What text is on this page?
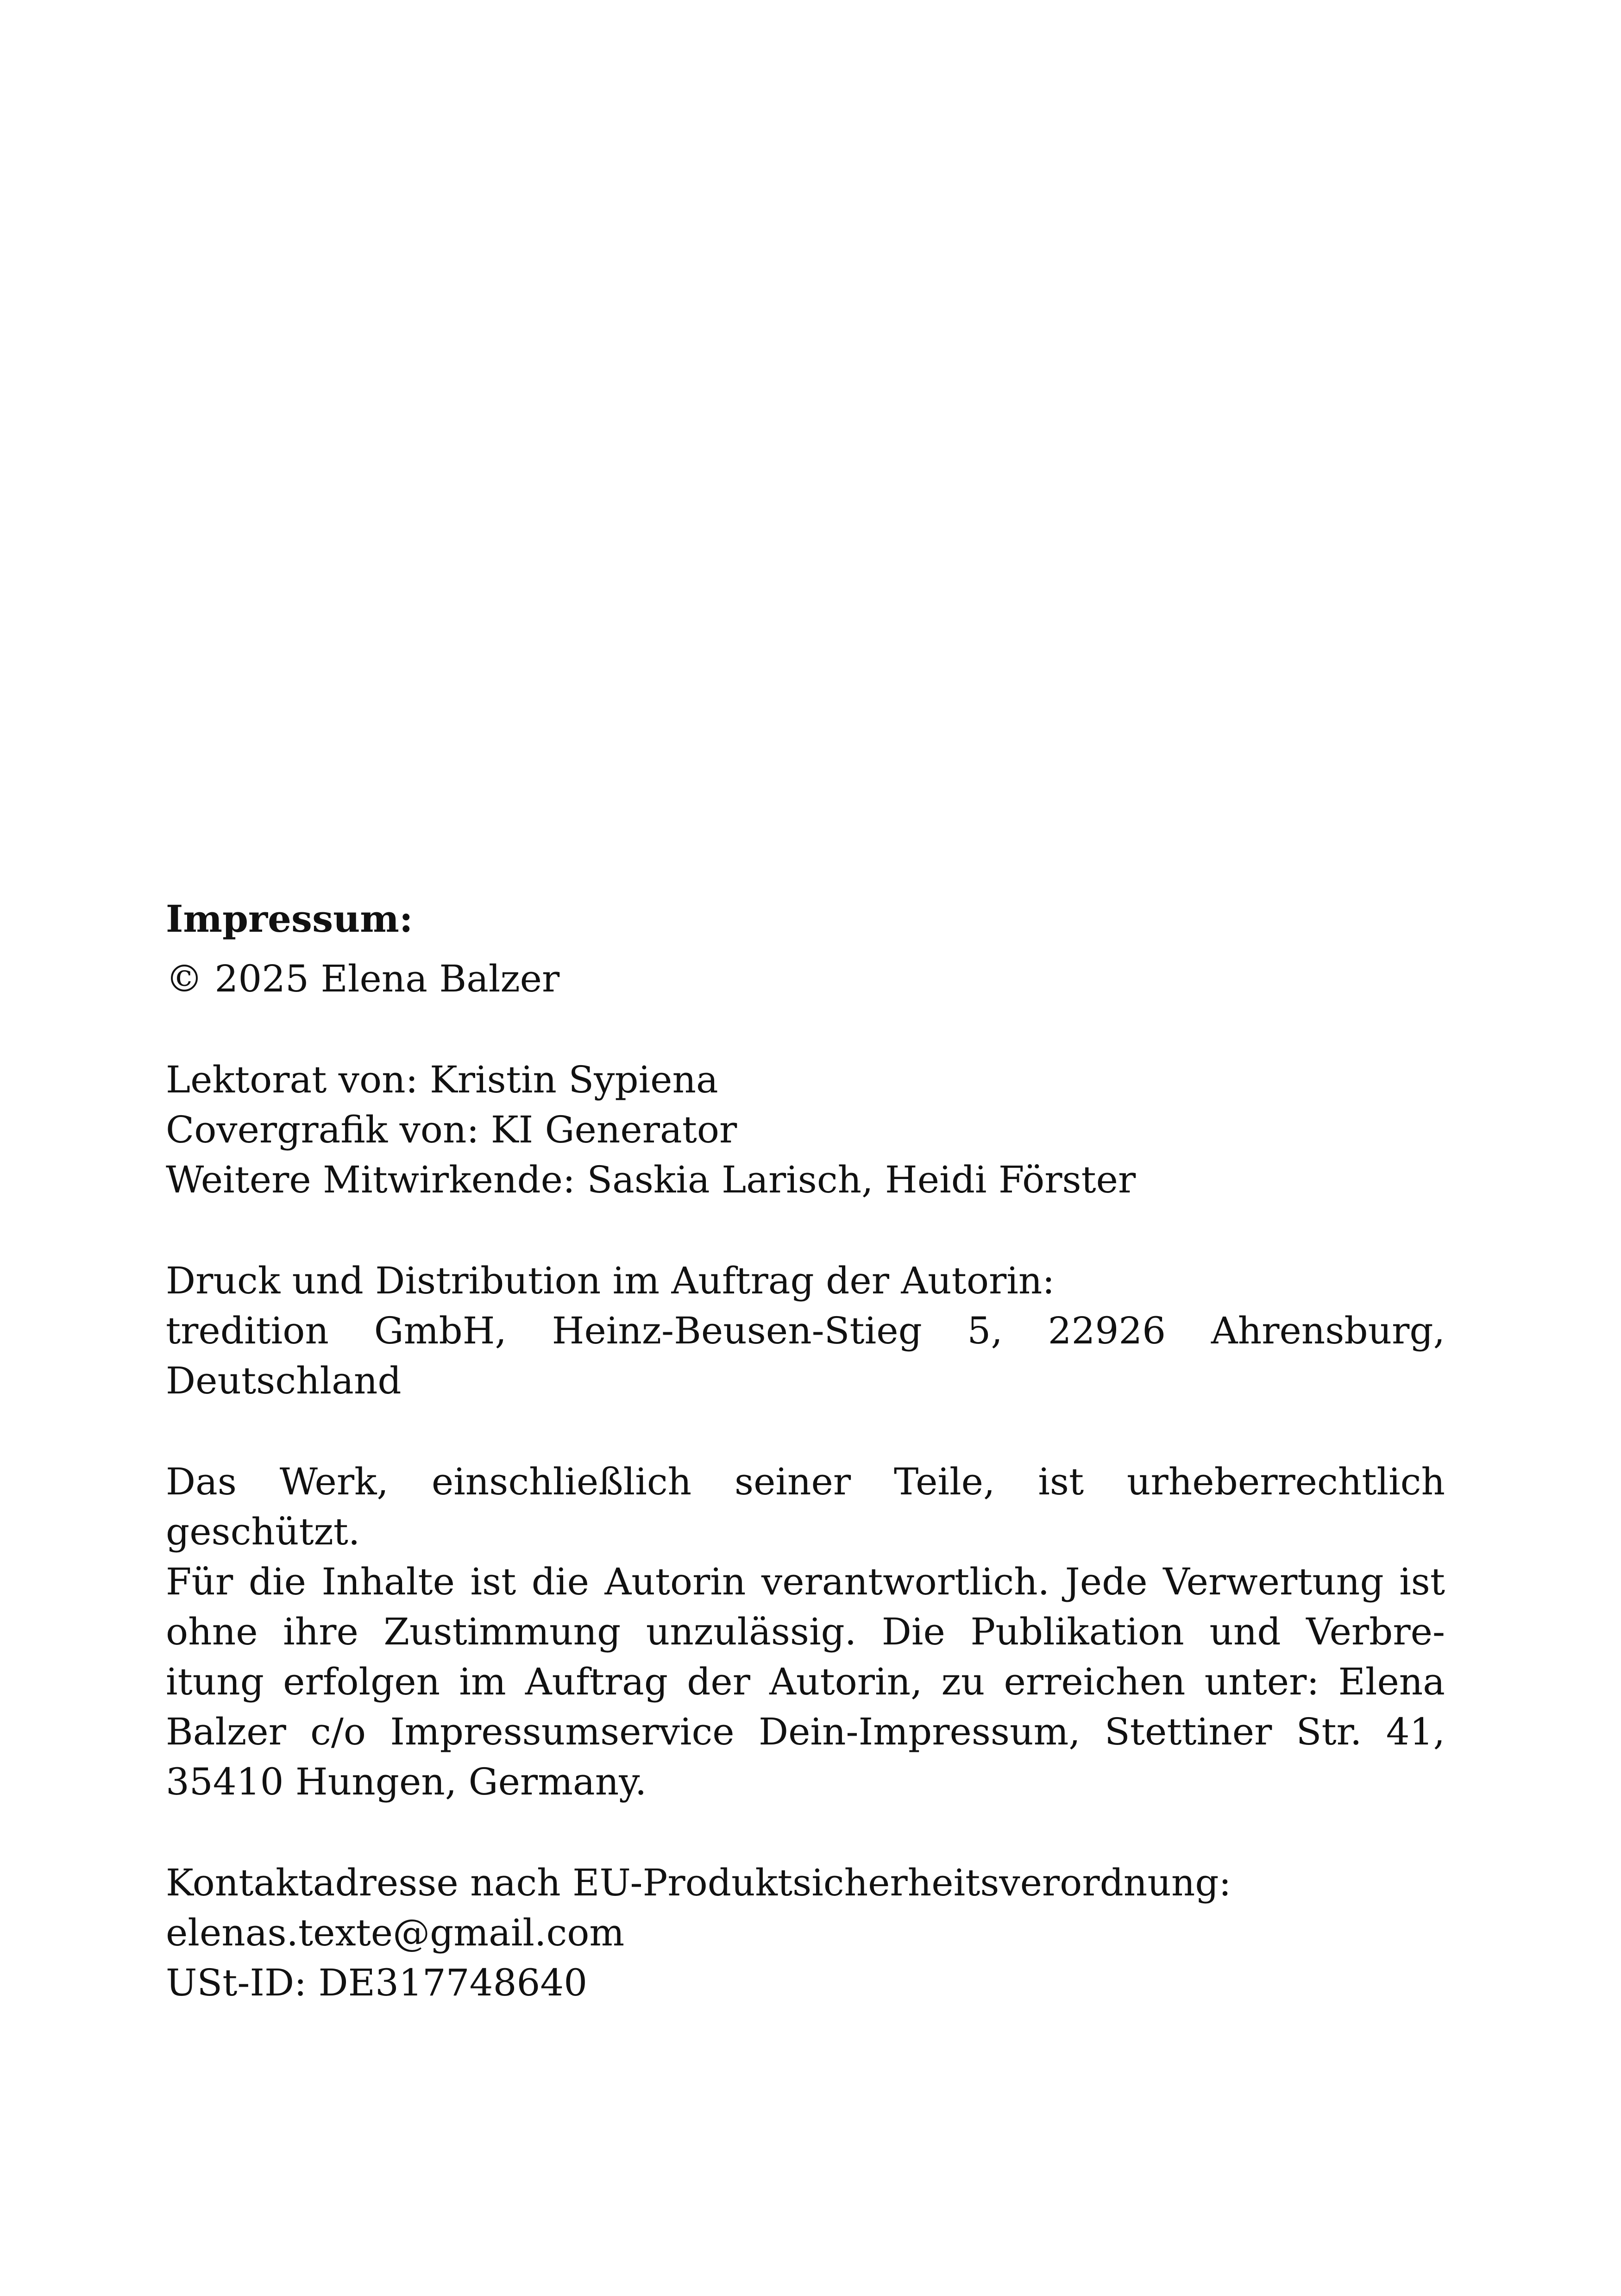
Impressum:

© 2025 Elena Balzer
Lektorat von: Kristin Sypiena
Covergrafik von: KI Generator
Weitere Mitwirkende: Saskia Larisch, Heidi Förster
Druck und Distribution im Auftrag der Autorin:
tredition GmbH, Heinz-Beusen-Stieg 5, 22926 Ahrensburg,
Deutschland
Das Werk, einschließlich seiner Teile, ist urheberrechtlich geschützt.
Für die Inhalte ist die Autorin verantwortlich. Jede Verwertung ist
ohne ihre Zustimmung unzulässig. Die Publikation und Verbre-
itung erfolgen im Auftrag der Autorin, zu erreichen unter: Elena
Balzer c/o Impressumservice Dein-Impressum, Stettiner Str. 41,
35410 Hungen, Germany.
Kontaktadresse nach EU-Produktsicherheitsverordnung:
elenas.texte@gmail.com
USt-ID: DE317748640
